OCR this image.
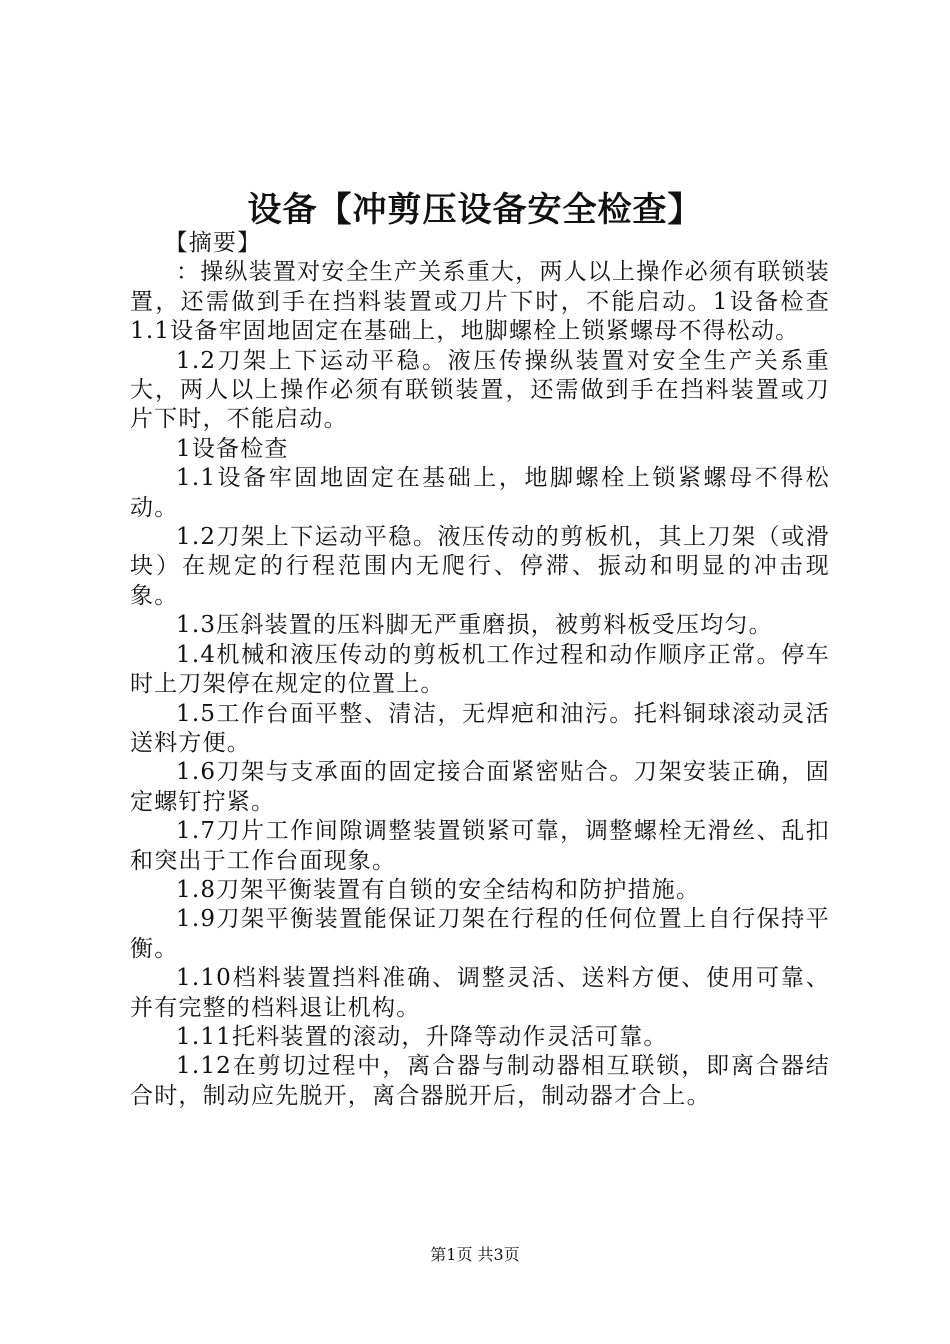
设备【冲剪压设备安全检查】

【摘要】

：操纵装置对安全生产关系重大，两人以上操作必须有联锁装置，还需做到手在挡料装置或刀片下时，不能启动。1设备检查1.1设备牢固地固定在基础上，地脚螺栓上锁紧螺母不得松动。

1.2刀架上下运动平稳。液压传操纵装置对安全生产关系重大，两人以上操作必须有联锁装置，还需做到手在挡料装置或刀片下时，不能启动。

1设备检查

1.1设备牢固地固定在基础上，地脚螺栓上锁紧螺母不得松动。

1.2刀架上下运动平稳。液压传动的剪板机，其上刀架（或滑块）在规定的行程范围内无爬行、停滞、振动和明显的冲击现象。

1.3压斜装置的压料脚无严重磨损，被剪料板受压均匀。

1.4机械和液压传动的剪板机工作过程和动作顺序正常。停车时上刀架停在规定的位置上。

1.5工作台面平整、清洁，无焊疤和油污。托料铜球滚动灵活送料方便。

1.6刀架与支承面的固定接合面紧密贴合。刀架安装正确，固定螺钉拧紧。

1.7刀片工作间隙调整装置锁紧可靠，调整螺栓无滑丝、乱扣和突出于工作台面现象。

1.8刀架平衡装置有自锁的安全结构和防护措施。

1.9刀架平衡装置能保证刀架在行程的任何位置上自行保持平衡。

1.10档料装置挡料准确、调整灵活、送料方便、使用可靠、并有完整的档料退让机构。

1.11托料装置的滚动，升降等动作灵活可靠。

1.12在剪切过程中，离合器与制动器相互联锁，即离合器结合时，制动应先脱开，离合器脱开后，制动器才合上。

第1页 共3页
